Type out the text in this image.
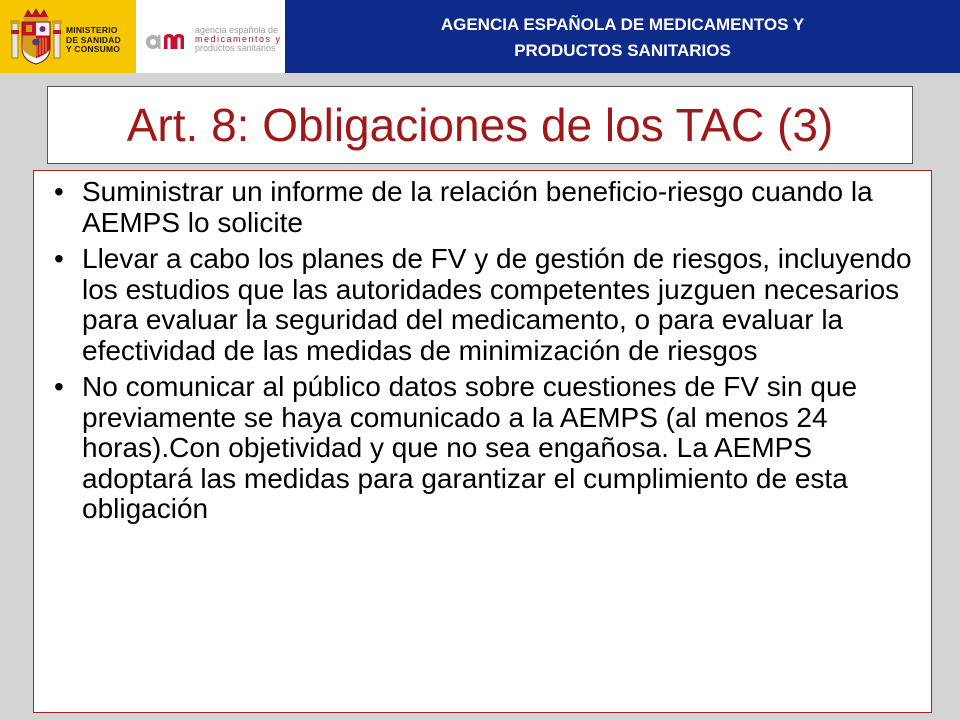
MINISTERIO
DE SANIDAD
Y CONSUMO
agencia española de
medicamentos y
productos sanitarios
AGENCIA ESPAÑOLA DE MEDICAMENTOS Y
PRODUCTOS SANITARIOS
Art. 8: Obligaciones de los TAC (3)
• Suministrar un informe de la relación beneficio-riesgo cuando la AEMPS lo solicite
• Llevar a cabo los planes de FV y de gestión de riesgos, incluyendo los estudios que las autoridades competentes juzguen necesarios para evaluar la seguridad del medicamento, o para evaluar la efectividad de las medidas de minimización de riesgos
• No comunicar al público datos sobre cuestiones de FV sin que previamente se haya comunicado a la AEMPS (al menos 24 horas).Con objetividad y que no sea engañosa. La AEMPS adoptará las medidas para garantizar el cumplimiento de esta obligación
